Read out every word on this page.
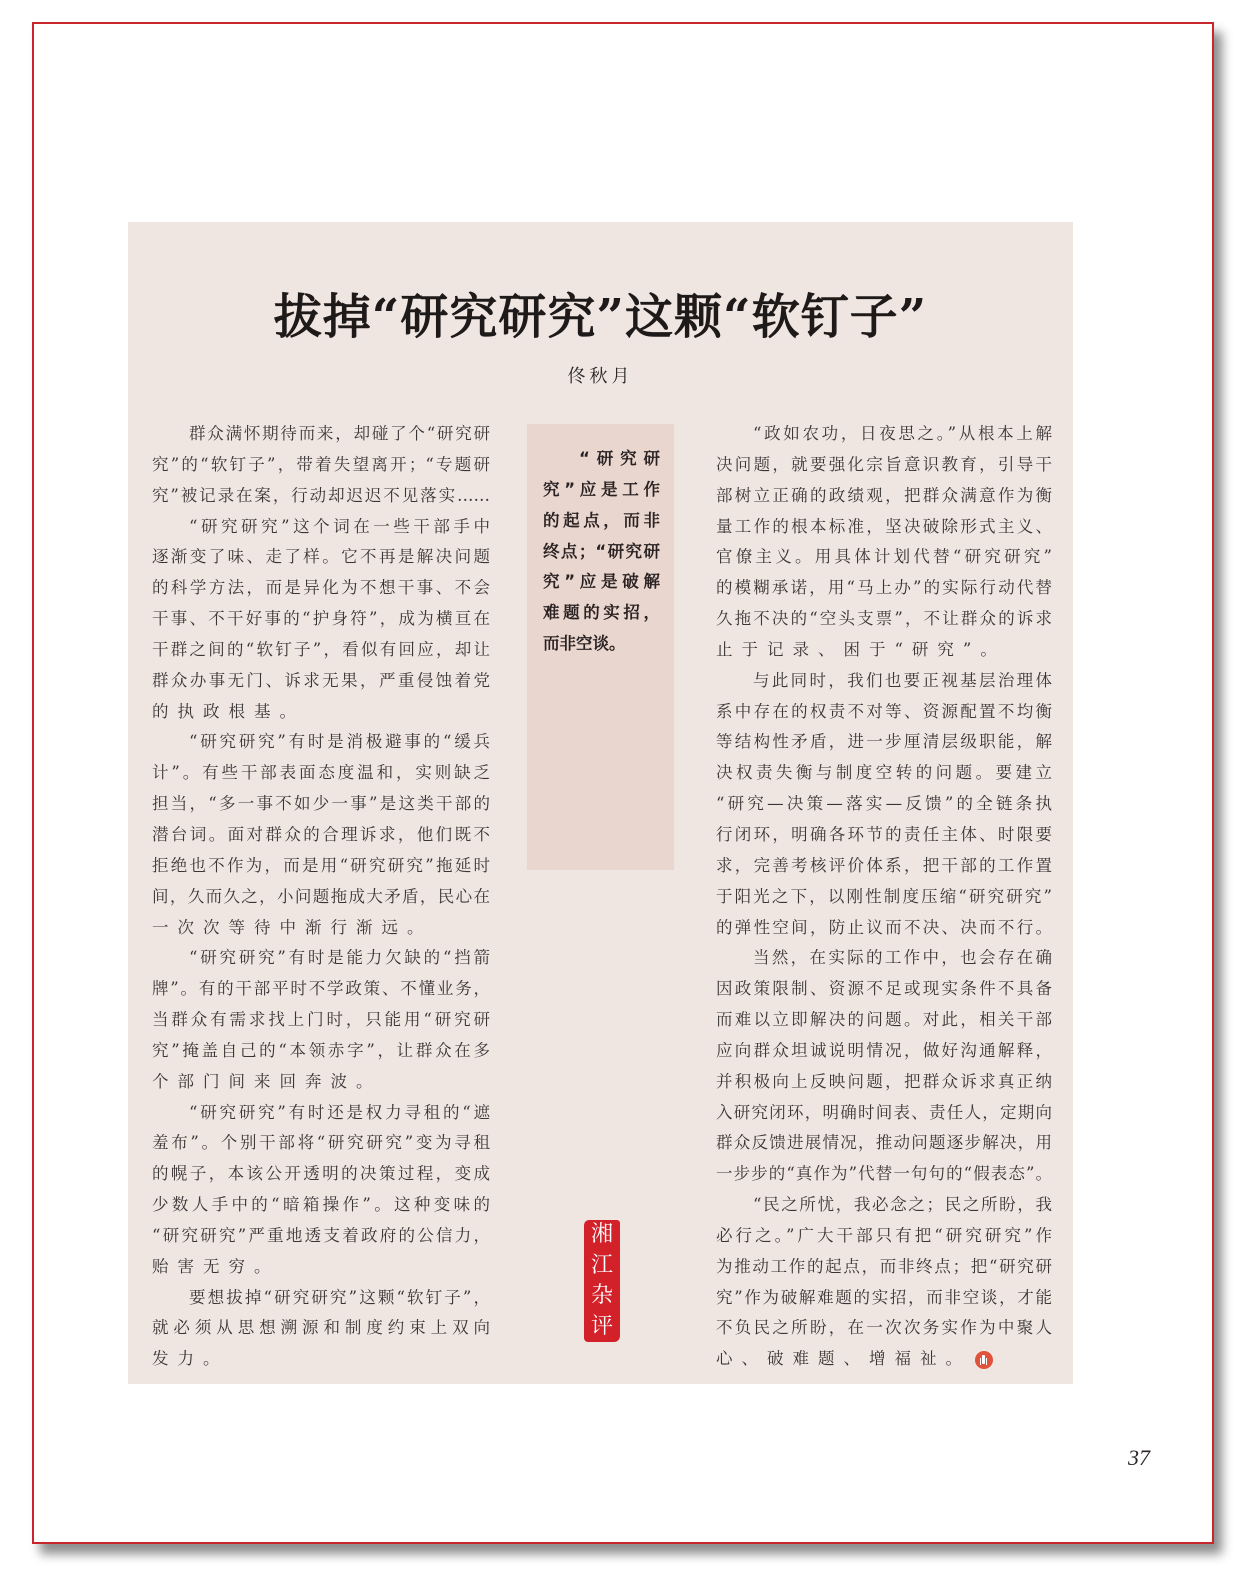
拔掉“研究研究”这颗“软钉子”
佟秋月
群众满怀期待而来，却碰了个“研究研
究”的“软钉子”，带着失望离开；“专题研
究”被记录在案，行动却迟迟不见落实……
“研究研究”这个词在一些干部手中
逐渐变了味、走了样。它不再是解决问题
的科学方法，而是异化为不想干事、不会
干事、不干好事的“护身符”，成为横亘在
干群之间的“软钉子”，看似有回应，却让
群众办事无门、诉求无果，严重侵蚀着党
的执政根基。
“研究研究”有时是消极避事的“缓兵
计”。有些干部表面态度温和，实则缺乏
担当，“多一事不如少一事”是这类干部的
潜台词。面对群众的合理诉求，他们既不
拒绝也不作为，而是用“研究研究”拖延时
间，久而久之，小问题拖成大矛盾，民心在
一次次等待中渐行渐远。
“研究研究”有时是能力欠缺的“挡箭
牌”。有的干部平时不学政策、不懂业务，
当群众有需求找上门时，只能用“研究研
究”掩盖自己的“本领赤字”，让群众在多
个部门间来回奔波。
“研究研究”有时还是权力寻租的“遮
羞布”。个别干部将“研究研究”变为寻租
的幌子，本该公开透明的决策过程，变成
少数人手中的“暗箱操作”。这种变味的
“研究研究”严重地透支着政府的公信力，
贻害无穷。
要想拔掉“研究研究”这颗“软钉子”，
就必须从思想溯源和制度约束上双向
发力。
“研究研
究”应是工作
的起点，而非
终点；“研究研
究”应是破解
难题的实招，
而非空谈。
“政如农功，日夜思之。”从根本上解
决问题，就要强化宗旨意识教育，引导干
部树立正确的政绩观，把群众满意作为衡
量工作的根本标准，坚决破除形式主义、
官僚主义。用具体计划代替“研究研究”
的模糊承诺，用“马上办”的实际行动代替
久拖不决的“空头支票”，不让群众的诉求
止于记录、困于“研究”。
与此同时，我们也要正视基层治理体
系中存在的权责不对等、资源配置不均衡
等结构性矛盾，进一步厘清层级职能，解
决权责失衡与制度空转的问题。要建立
“研究—决策—落实—反馈”的全链条执
行闭环，明确各环节的责任主体、时限要
求，完善考核评价体系，把干部的工作置
于阳光之下，以刚性制度压缩“研究研究”
的弹性空间，防止议而不决、决而不行。
当然，在实际的工作中，也会存在确
因政策限制、资源不足或现实条件不具备
而难以立即解决的问题。对此，相关干部
应向群众坦诚说明情况，做好沟通解释，
并积极向上反映问题，把群众诉求真正纳
入研究闭环，明确时间表、责任人，定期向
群众反馈进展情况，推动问题逐步解决，用
一步步的“真作为”代替一句句的“假表态”。
“民之所忧，我必念之；民之所盼，我
必行之。”广大干部只有把“研究研究”作
为推动工作的起点，而非终点；把“研究研
究”作为破解难题的实招，而非空谈，才能
不负民之所盼，在一次次务实作为中聚人
心、破难题、增福祉。
湘
江
杂
评
37
